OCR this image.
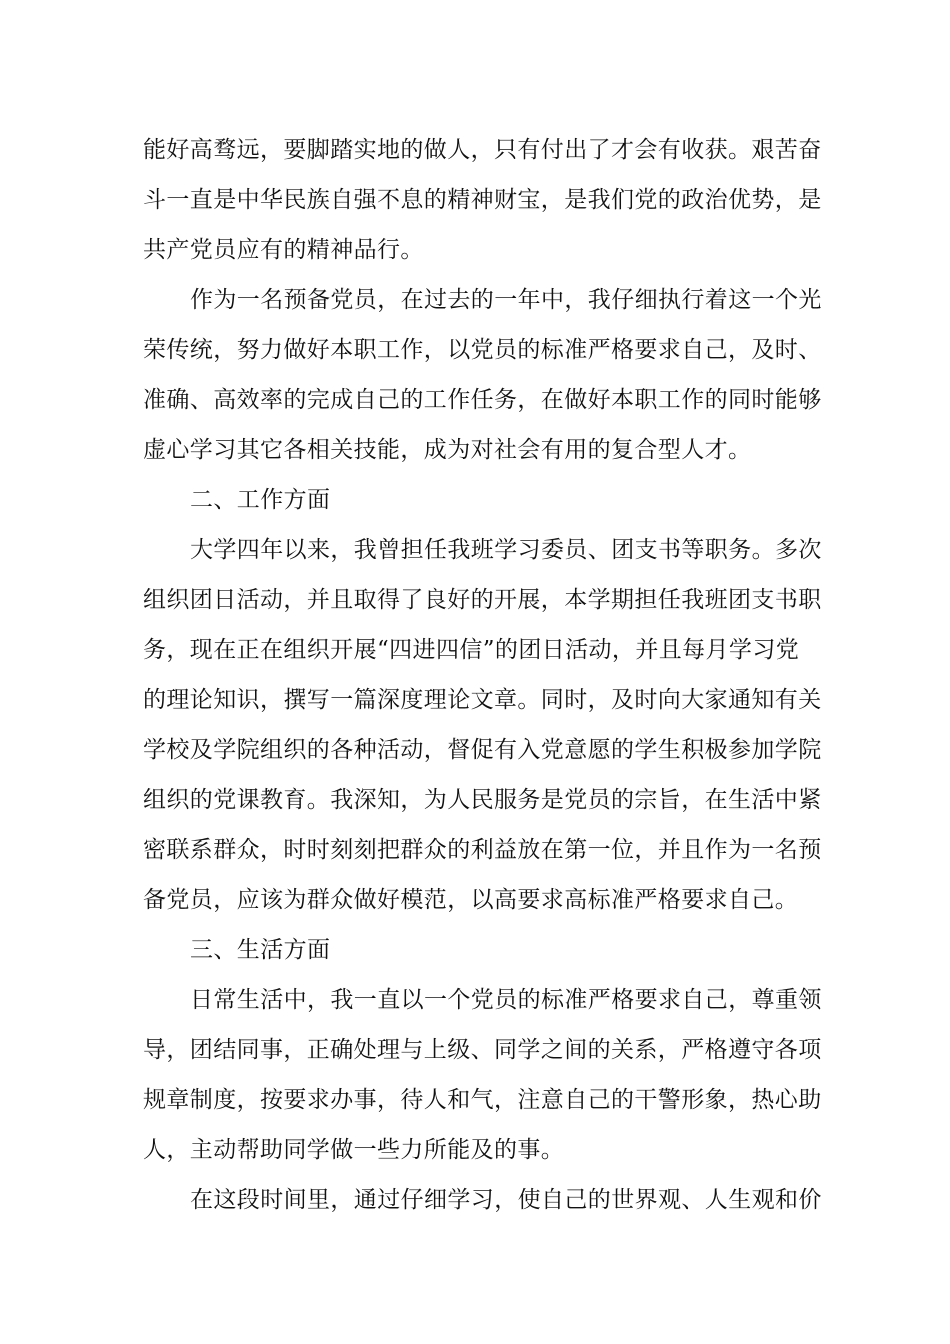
能好高骛远，要脚踏实地的做人，只有付出了才会有收获。艰苦奋
斗一直是中华民族自强不息的精神财宝，是我们党的政治优势，是
共产党员应有的精神品行。
作为一名预备党员，在过去的一年中，我仔细执行着这一个光
荣传统，努力做好本职工作，以党员的标准严格要求自己，及时、
准确、高效率的完成自己的工作任务，在做好本职工作的同时能够
虚心学习其它各相关技能，成为对社会有用的复合型人才。
二、工作方面
大学四年以来，我曾担任我班学习委员、团支书等职务。多次
组织团日活动，并且取得了良好的开展，本学期担任我班团支书职
务，现在正在组织开展“四进四信”的团日活动，并且每月学习党
的理论知识，撰写一篇深度理论文章。同时，及时向大家通知有关
学校及学院组织的各种活动，督促有入党意愿的学生积极参加学院
组织的党课教育。我深知，为人民服务是党员的宗旨，在生活中紧
密联系群众，时时刻刻把群众的利益放在第一位，并且作为一名预
备党员，应该为群众做好模范，以高要求高标准严格要求自己。
三、生活方面
日常生活中，我一直以一个党员的标准严格要求自己，尊重领
导，团结同事，正确处理与上级、同学之间的关系，严格遵守各项
规章制度，按要求办事，待人和气，注意自己的干警形象，热心助
人，主动帮助同学做一些力所能及的事。
在这段时间里，通过仔细学习，使自己的世界观、人生观和价
